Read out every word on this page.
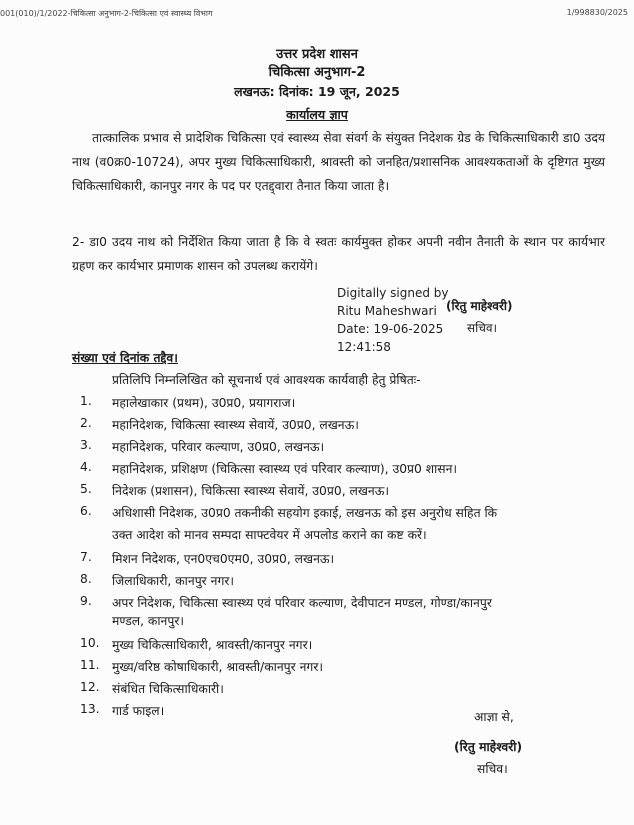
001(010)/1/2022-चिकित्सा अनुभाग-2-चिकित्सा एवं स्वास्थ्य विभाग	1/998830/2025
उत्तर प्रदेश शासन
चिकित्सा अनुभाग-2
लखनऊ: दिनांक: 19 जून, 2025
कार्यालय ज्ञाप
तात्कालिक प्रभाव से प्रादेशिक चिकित्सा एवं स्वास्थ्य सेवा संवर्ग के संयुक्त निदेशक ग्रेड के चिकित्साधिकारी डा0 उदय नाथ (व0क्र0-10724), अपर मुख्य चिकित्साधिकारी, श्रावस्ती को जनहित/प्रशासनिक आवश्यकताओं के दृष्टिगत मुख्य चिकित्साधिकारी, कानपुर नगर के पद पर एतद्द्वारा तैनात किया जाता है।
2- डा0 उदय नाथ को निर्देशित किया जाता है कि वे स्वतः कार्यमुक्त होकर अपनी नवीन तैनाती के स्थान पर कार्यभार ग्रहण कर कार्यभार प्रमाणक शासन को उपलब्ध करायेंगे।
Digitally signed by
Ritu Maheshwari
Date: 19-06-2025
12:41:58
(रितु माहेश्वरी)
सचिव।
संख्या एवं दिनांक तद्दैव।
प्रतिलिपि निम्नलिखित को सूचनार्थ एवं आवश्यक कार्यवाही हेतु प्रेषितः-
1. महालेखाकार (प्रथम), उ0प्र0, प्रयागराज।
2. महानिदेशक, चिकित्सा स्वास्थ्य सेवायें, उ0प्र0, लखनऊ।
3. महानिदेशक, परिवार कल्याण, उ0प्र0, लखनऊ।
4. महानिदेशक, प्रशिक्षण (चिकित्सा स्वास्थ्य एवं परिवार कल्याण), उ0प्र0 शासन।
5. निदेशक (प्रशासन), चिकित्सा स्वास्थ्य सेवायें, उ0प्र0, लखनऊ।
6. अधिशासी निदेशक, उ0प्र0 तकनीकी सहयोग इकाई, लखनऊ को इस अनुरोध सहित कि
उक्त आदेश को मानव सम्पदा साफ्टवेयर में अपलोड कराने का कष्ट करें।
7. मिशन निदेशक, एन0एच0एम0, उ0प्र0, लखनऊ।
8. जिलाधिकारी, कानपुर नगर।
9. अपर निदेशक, चिकित्सा स्वास्थ्य एवं परिवार कल्याण, देवीपाटन मण्डल, गोण्डा/कानपुर
मण्डल, कानपुर।
10. मुख्य चिकित्साधिकारी, श्रावस्ती/कानपुर नगर।
11. मुख्य/वरिष्ठ कोषाधिकारी, श्रावस्ती/कानपुर नगर।
12. संबंधित चिकित्साधिकारी।
13. गार्ड फाइल।	आज्ञा से,
(रितु माहेश्वरी)
सचिव।
